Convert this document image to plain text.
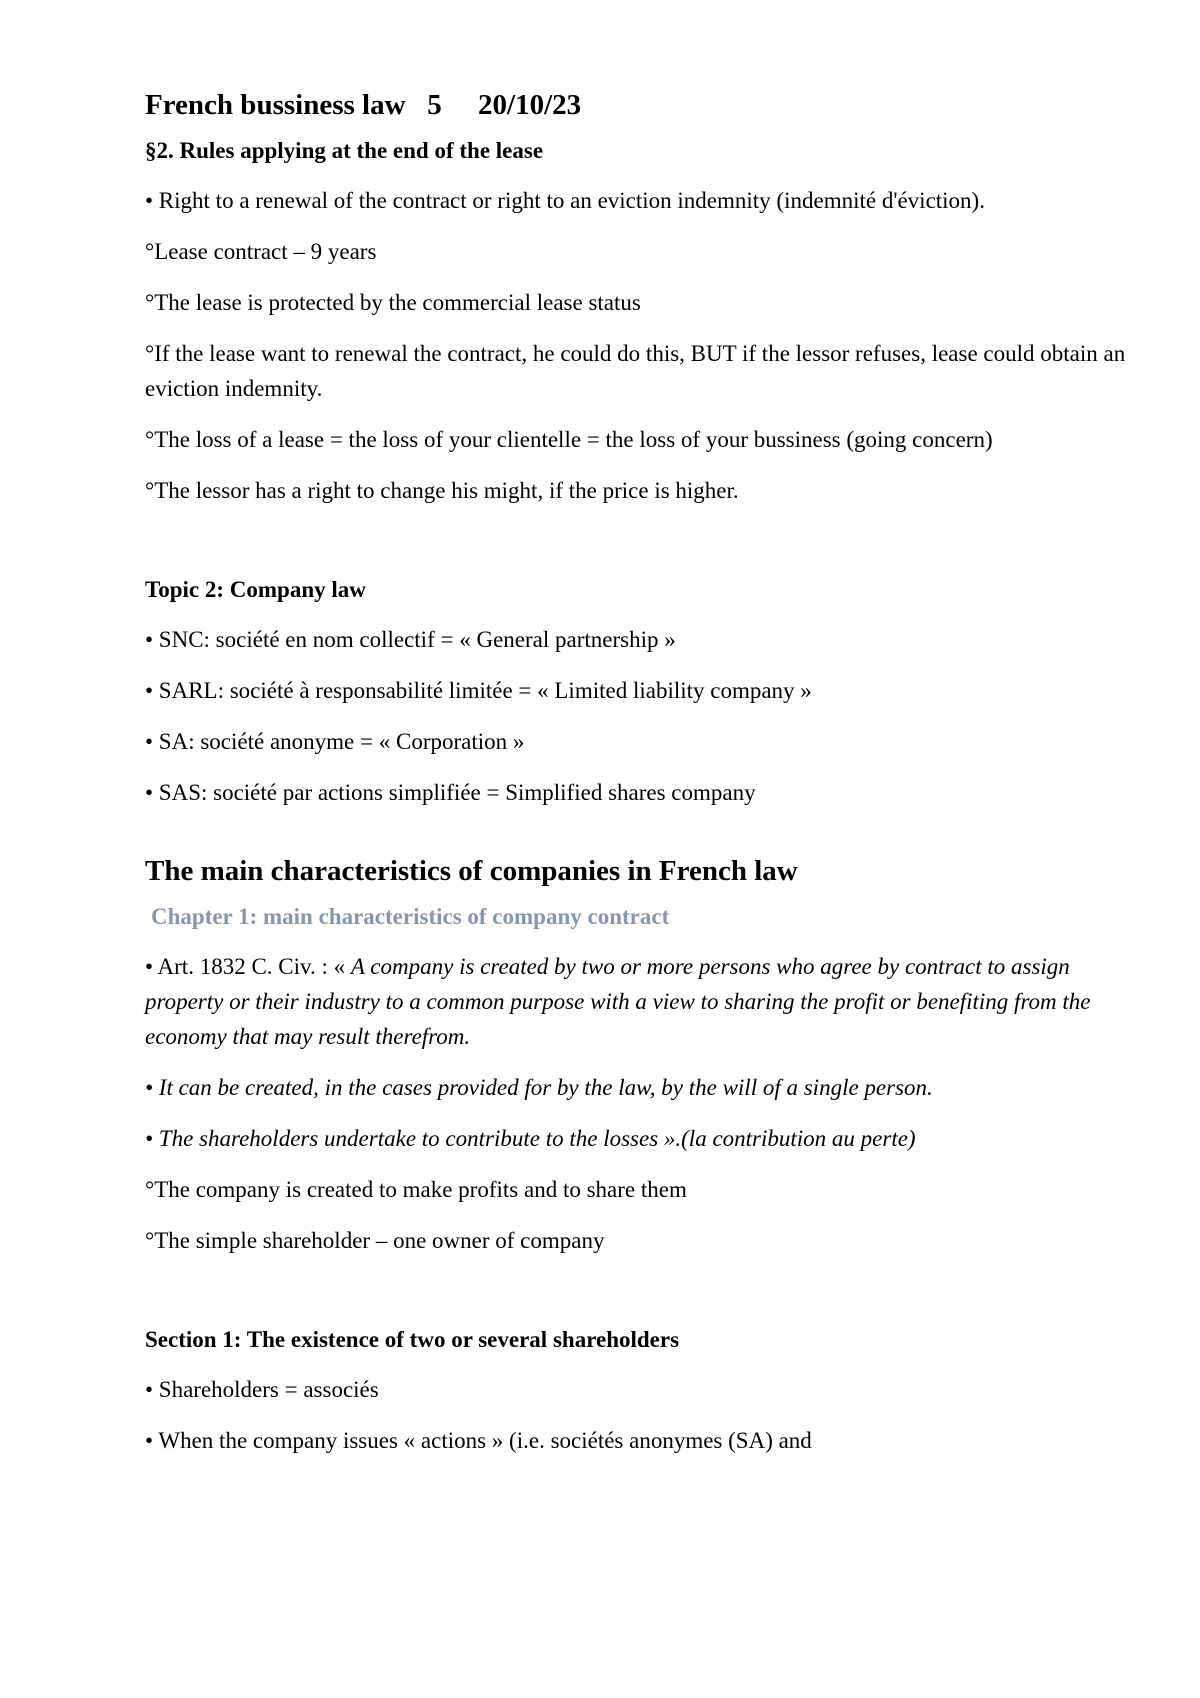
French bussiness law   5     20/10/23
§2. Rules applying at the end of the lease

• Right to a renewal of the contract or right to an eviction indemnity (indemnité d'éviction).

°Lease contract – 9 years

°The lease is protected by the commercial lease status

°If the lease want to renewal the contract, he could do this, BUT if the lessor refuses, lease could obtain an eviction indemnity.

°The loss of a lease = the loss of your clientelle = the loss of your bussiness (going concern)

°The lessor has a right to change his might, if the price is higher.

Topic 2: Company law

• SNC: société en nom collectif = « General partnership »

• SARL: société à responsabilité limitée = « Limited liability company »

• SA: société anonyme = « Corporation »

• SAS: société par actions simplifiée = Simplified shares company

The main characteristics of companies in French law
Chapter 1: main characteristics of company contract

• Art. 1832 C. Civ. : « A company is created by two or more persons who agree by contract to assign property or their industry to a common purpose with a view to sharing the profit or benefiting from the economy that may result therefrom.

• It can be created, in the cases provided for by the law, by the will of a single person.

• The shareholders undertake to contribute to the losses ».(la contribution au perte)

°The company is created to make profits and to share them

°The simple shareholder – one owner of company

Section 1: The existence of two or several shareholders

• Shareholders = associés

• When the company issues « actions » (i.e. sociétés anonymes (SA) and
